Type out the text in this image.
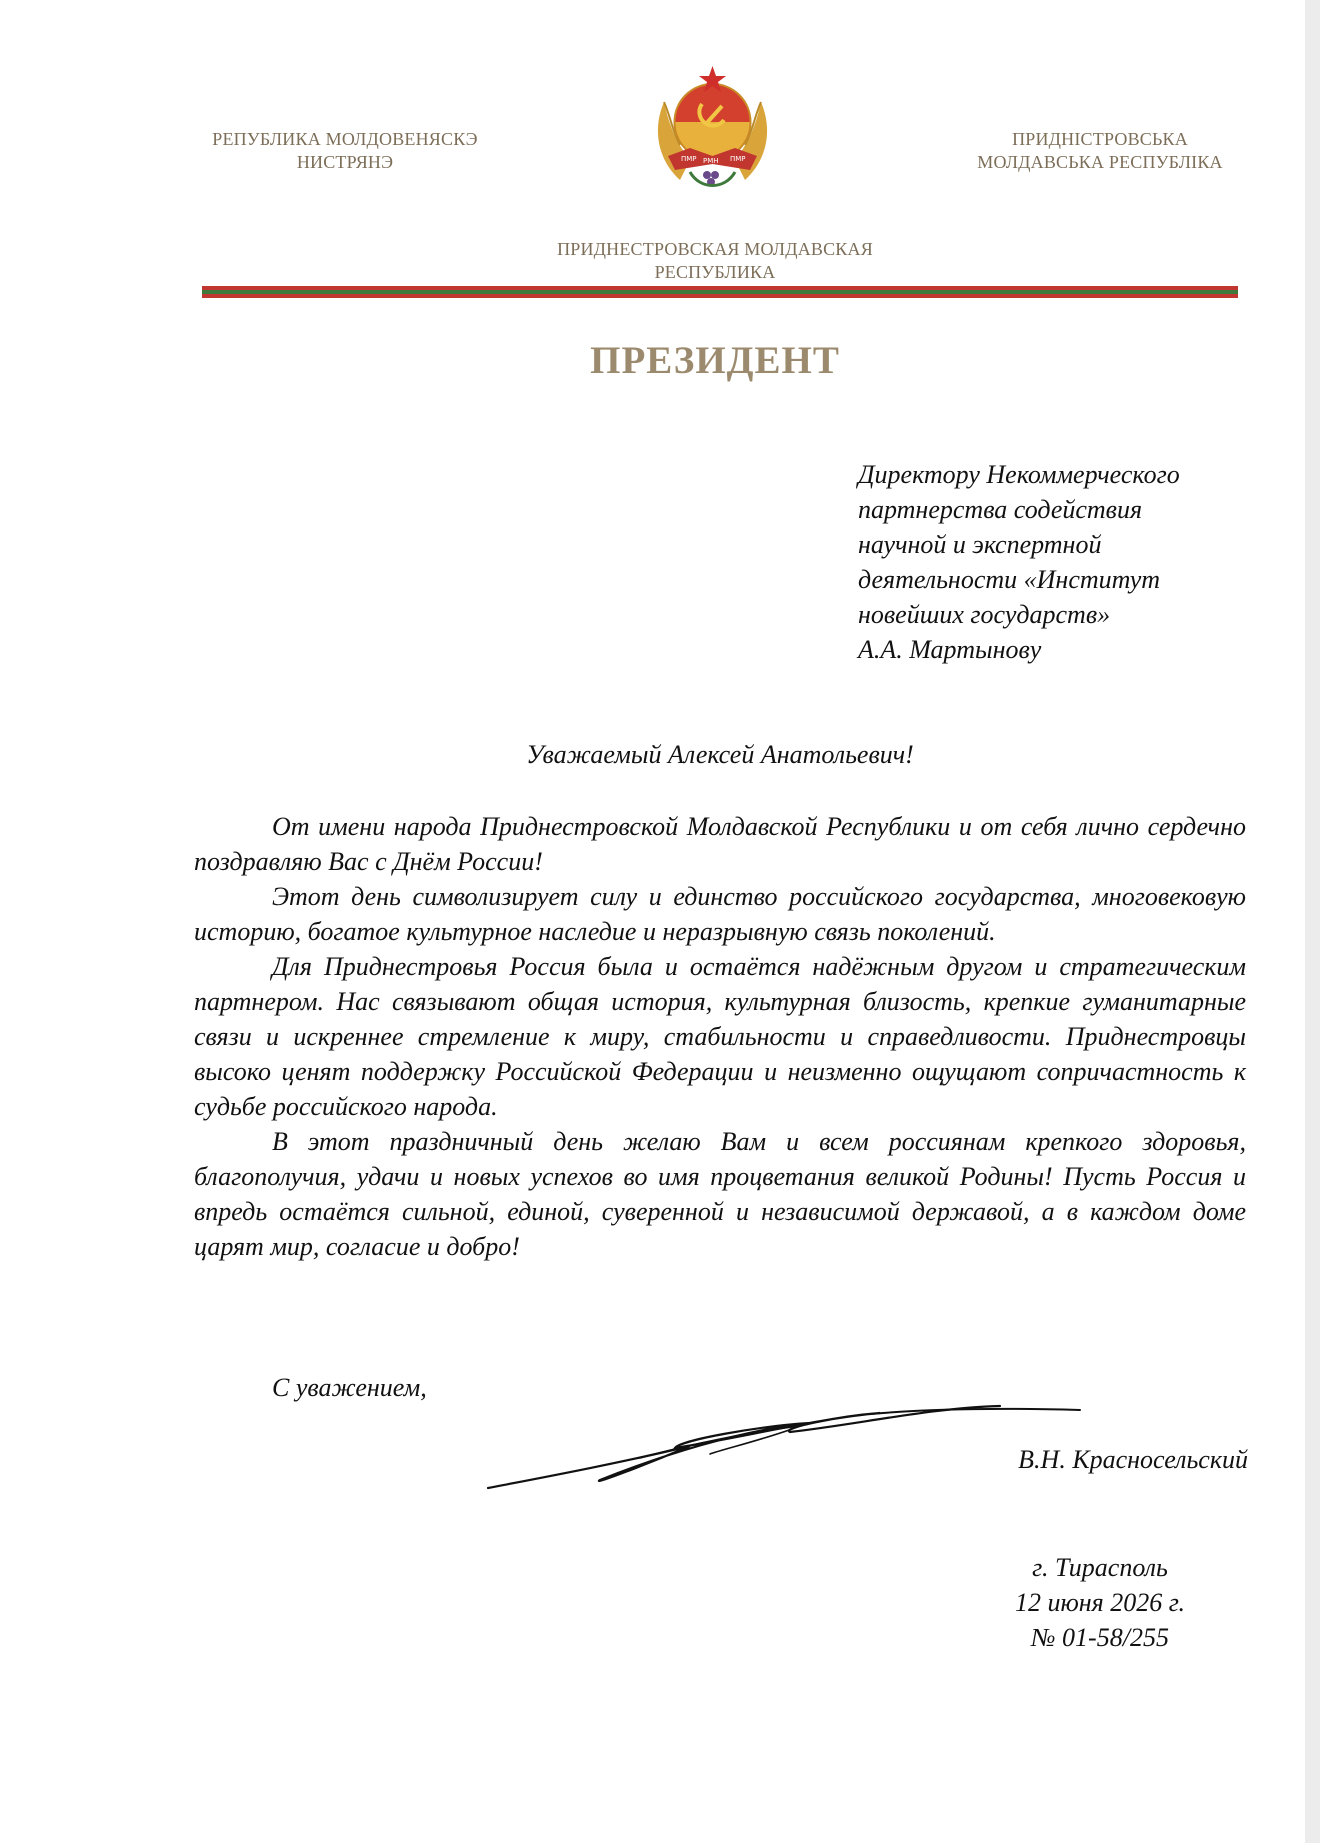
РЕПУБЛИКА МОЛДОВЕНЯСКЭ
НИСТРЯНЭ	ПМР РМН ПМР
ПРИДНІСТРОВСЬКА
МОЛДАВСЬКА РЕСПУБЛІКА
ПРИДНЕСТРОВСКАЯ МОЛДАВСКАЯ
РЕСПУБЛИКА
ПРЕЗИДЕНТ
Директору Некоммерческого
партнерства содействия
научной и экспертной
деятельности «Институт
новейших государств»
А.А. Мартынову
Уважаемый Алексей Анатольевич!

От имени народа Приднестровской Молдавской Республики и от себя лично сердечно поздравляю Вас с Днём России!

Этот день символизирует силу и единство российского государства, многовековую историю, богатое культурное наследие и неразрывную связь поколений.

Для Приднестровья Россия была и остаётся надёжным другом и стратегическим партнером. Нас связывают общая история, культурная близость, крепкие гуманитарные связи и искреннее стремление к миру, стабильности и справедливости. Приднестровцы высоко ценят поддержку Российской Федерации и неизменно ощущают сопричастность к судьбе российского народа.

В этот праздничный день желаю Вам и всем россиянам крепкого здоровья, благополучия, удачи и новых успехов во имя процветания великой Родины! Пусть Россия и впредь остаётся сильной, единой, суверенной и независимой державой, а в каждом доме царят мир, согласие и добро!

С уважением,
В.Н. Красносельский
г. Тирасполь
12 июня 2026 г.
№ 01-58/255
